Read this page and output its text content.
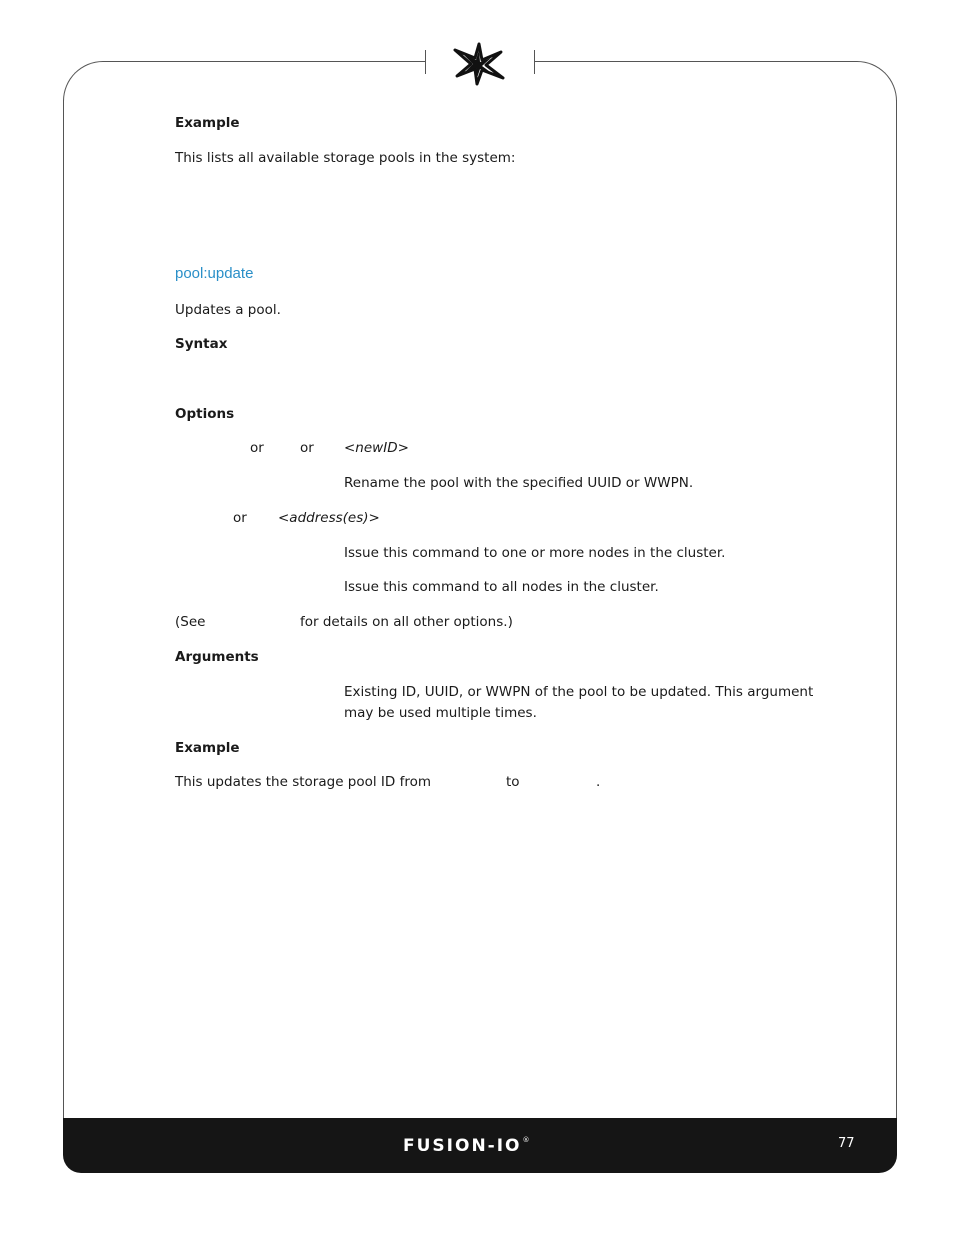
Example
This lists all available storage pools in the system:
pool:update
Updates a pool.
Syntax
Options
or	or <newID>
Rename the pool with the specified UUID or WWPN.
or <address(es)>
Issue this command to one or more nodes in the cluster.
Issue this command to all nodes in the cluster.
(See	for details on all other options.)
Arguments
Existing ID, UUID, or WWPN of the pool to be updated. This argument may be used multiple times.
Example
This updates the storage pool ID from	to	.
FUSION-IO®	77
